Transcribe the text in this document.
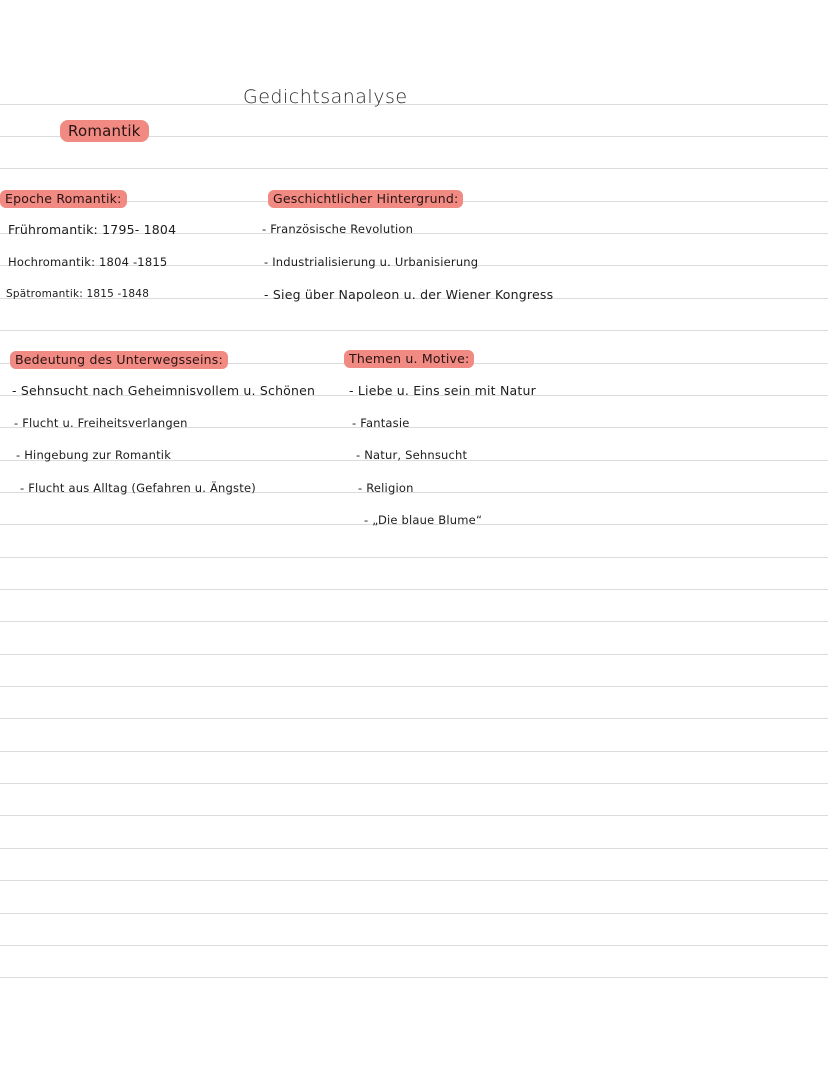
Gedichtsanalyse
Romantik
Epoche Romantik:
Frühromantik: 1795- 1804
Hochromantik: 1804 -1815
Spätromantik: 1815 -1848
Geschichtlicher Hintergrund:
- Französische Revolution
- Industrialisierung u. Urbanisierung
- Sieg über Napoleon u. der Wiener Kongress
Bedeutung des Unterwegsseins:
- Sehnsucht nach Geheimnisvollem u. Schönen
- Flucht u. Freiheitsverlangen
- Hingebung zur Romantik
- Flucht aus Alltag (Gefahren u. Ängste)
Themen u. Motive:
- Liebe u. Eins sein mit Natur
- Fantasie
- Natur, Sehnsucht
- Religion
- „Die blaue Blume“
